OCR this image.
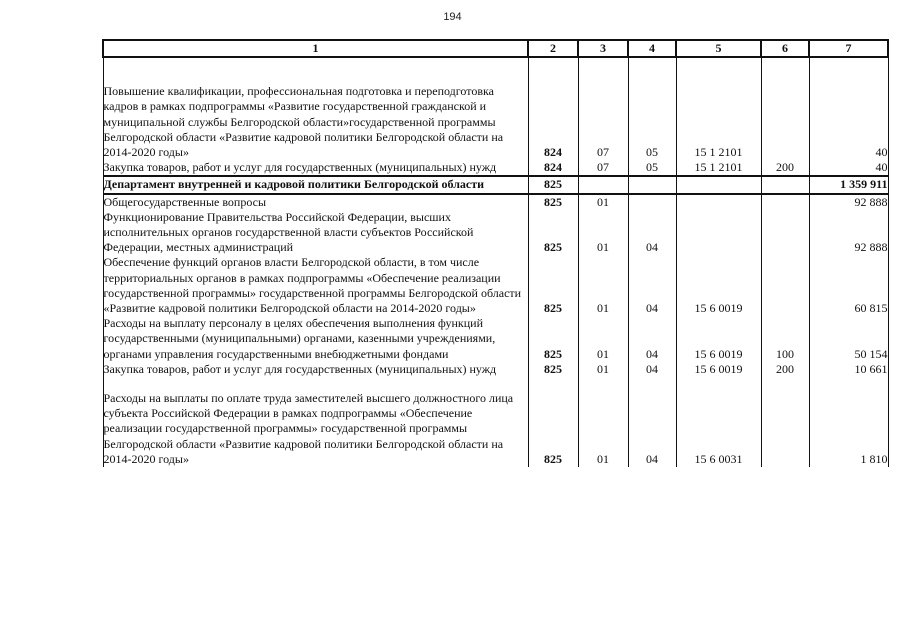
194
1	2	3	4	5	6	7
Повышение квалификации, профессиональная подготовка и переподготовка кадров в рамках подпрограммы «Развитие государственной гражданской и муниципальной службы Белгородской области»государственной программы Белгородской области «Развитие кадровой политики Белгородской области на 2014-2020 годы»	824	07	05	15 1 2101		40
Закупка товаров, работ и услуг для государственных (муниципальных) нужд	824	07	05	15 1 2101	200	40
Департамент внутренней и кадровой политики Белгородской области	825					1 359 911
Общегосударственные вопросы	825	01				92 888
Функционирование Правительства Российской Федерации, высших исполнительных органов государственной власти субъектов Российской Федерации, местных администраций	825	01	04			92 888
Обеспечение функций органов власти Белгородской области, в том числе территориальных органов в рамках подпрограммы «Обеспечение реализации государственной программы» государственной программы Белгородской области «Развитие кадровой политики Белгородской области на 2014-2020 годы»	825	01	04	15 6 0019		60 815
Расходы на выплату персоналу в целях обеспечения выполнения функций государственными (муниципальными) органами, казенными учреждениями, органами управления государственными внебюджетными фондами	825	01	04	15 6 0019	100	50 154
Закупка товаров, работ и услуг для государственных (муниципальных) нужд	825	01	04	15 6 0019	200	10 661
Расходы на выплаты по оплате труда заместителей высшего должностного лица субъекта Российской Федерации в рамках подпрограммы «Обеспечение реализации государственной программы» государственной программы Белгородской области «Развитие кадровой политики Белгородской области на 2014-2020 годы»	825	01	04	15 6 0031		1 810
